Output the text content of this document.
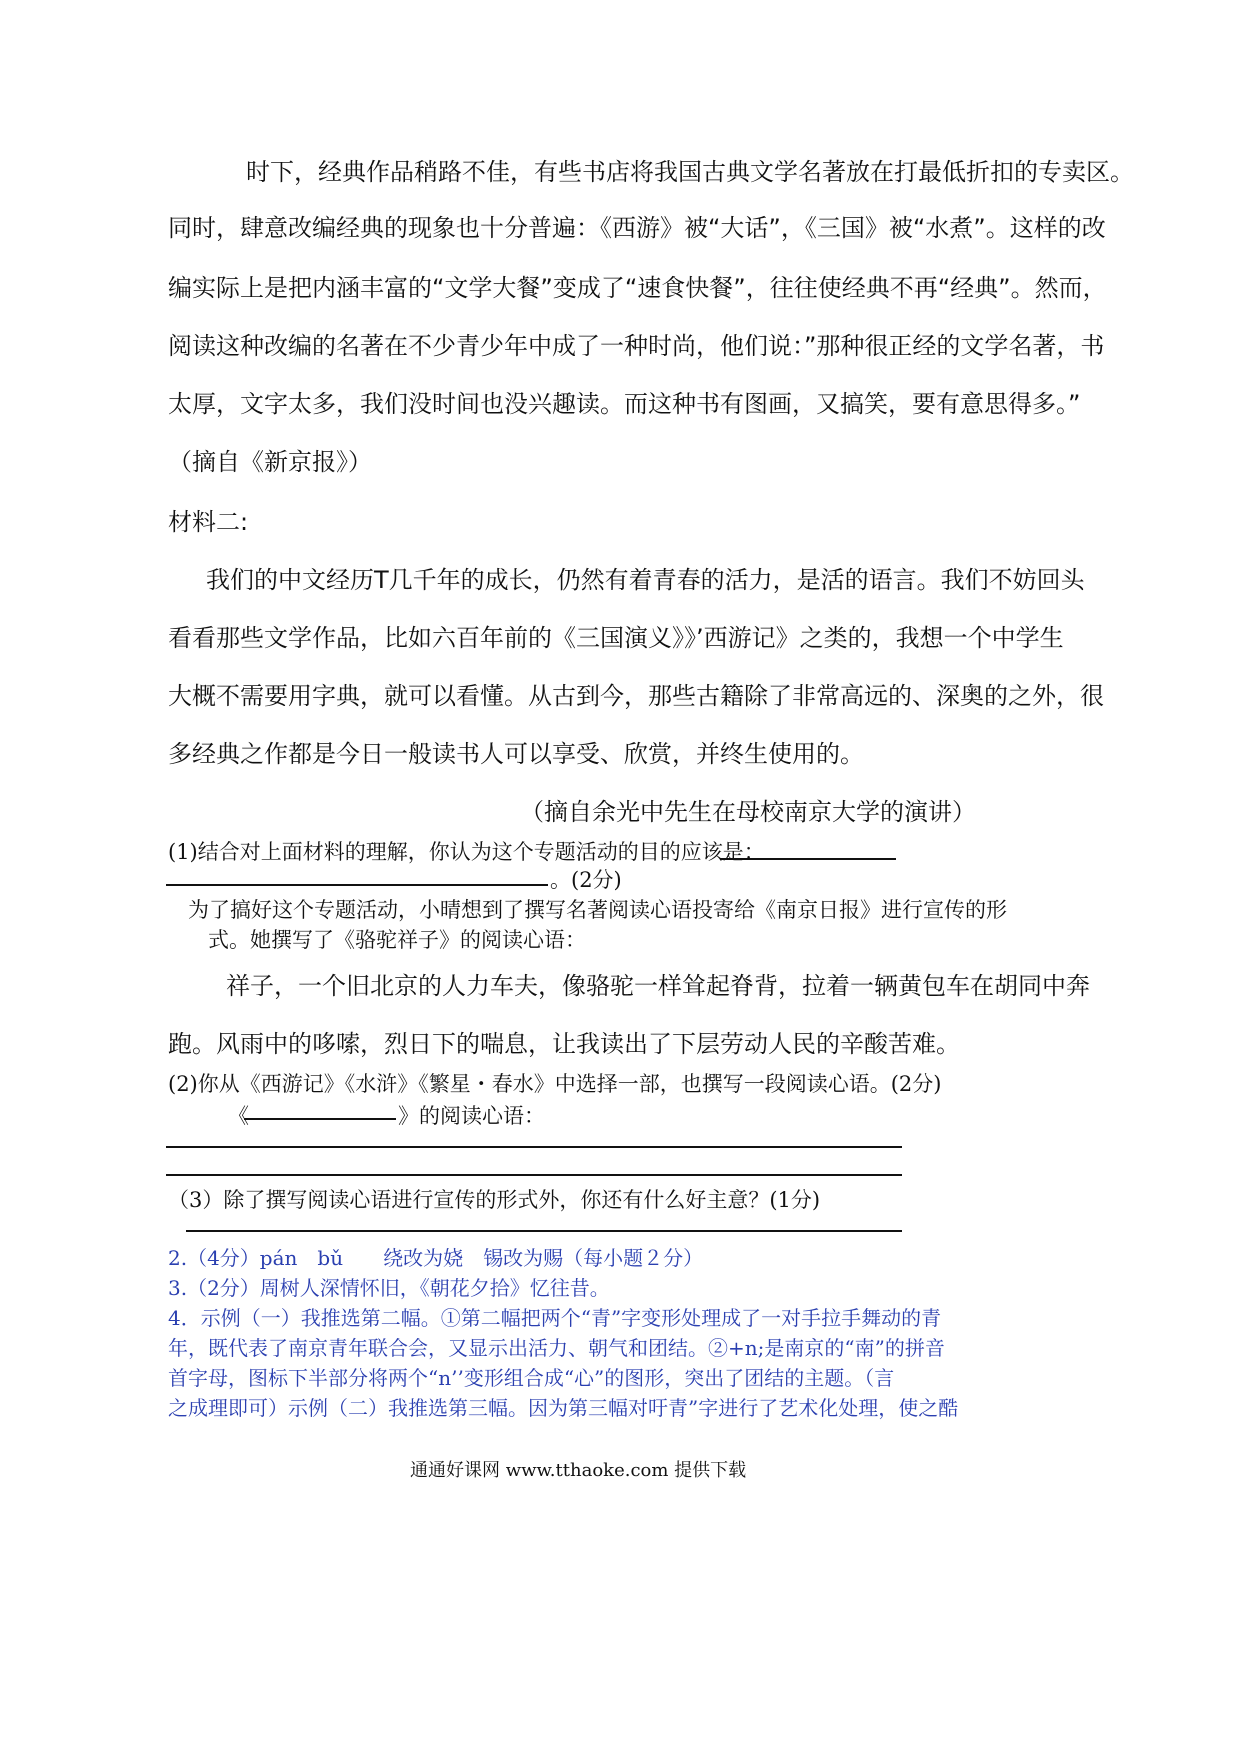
时下，经典作品稍路不佳，有些书店将我国古典文学名著放在打最低折扣的专卖区。
同时，肆意改编经典的现象也十分普遍：《西游》被“大话”，《三国》被“水煮”。这样的改
编实际上是把内涵丰富的“文学大餐”变成了“速食快餐”，往往使经典不再“经典”。然而，
阅读这种改编的名著在不少青少年中成了一种时尚，他们说：”那种很正经的文学名著，书
太厚，文字太多，我们没时间也没兴趣读。而这种书有图画，又搞笑，要有意思得多。”
（摘自《新京报》）
材料二:
我们的中文经历T几千年的成长，仍然有着青春的活力，是活的语言。我们不妨回头
看看那些文学作品，比如六百年前的《三国演义》》’西游记》之类的，我想一个中学生
大概不需要用字典，就可以看懂。从古到今，那些古籍除了非常高远的、深奥的之外，很
多经典之作都是今日一般读书人可以享受、欣赏，并终生使用的。
（摘自余光中先生在母校南京大学的演讲）
(1)结合对上面材料的理解，你认为这个专题活动的目的应该是：
。(2分)
为了搞好这个专题活动，小晴想到了撰写名著阅读心语投寄给《南京日报》进行宣传的形
式。她撰写了《骆驼祥子》的阅读心语：
祥子，一个旧北京的人力车夫，像骆驼一样耸起脊背，拉着一辆黄包车在胡同中奔
跑。风雨中的哆嗦，烈日下的喘息，让我读出了下层劳动人民的辛酸苦难。
(2)你从《西游记》《水浒》《繁星・春水》中选择一部，也撰写一段阅读心语。(2分)
《	》的阅读心语：
（3）除了撰写阅读心语进行宣传的形式外，你还有什么好主意？(1分)
2.（4分）pán　bǔ　　绕改为娆　锡改为赐（每小题２分）
3.（2分）周树人深情怀旧，《朝花夕拾》忆往昔。
4．示例（一）我推选第二幅。①第二幅把两个“青”字变形处理成了一对手拉手舞动的青
年，既代表了南京青年联合会，又显示出活力、朝气和团结。②+n;是南京的“南”的拼音
首字母，图标下半部分将两个“n’’变形组合成“心”的图形，突出了团结的主题。（言
之成理即可）示例（二）我推选第三幅。因为第三幅对吁青”字进行了艺术化处理，使之酷
通通好课网 www.tthaoke.com 提供下载
